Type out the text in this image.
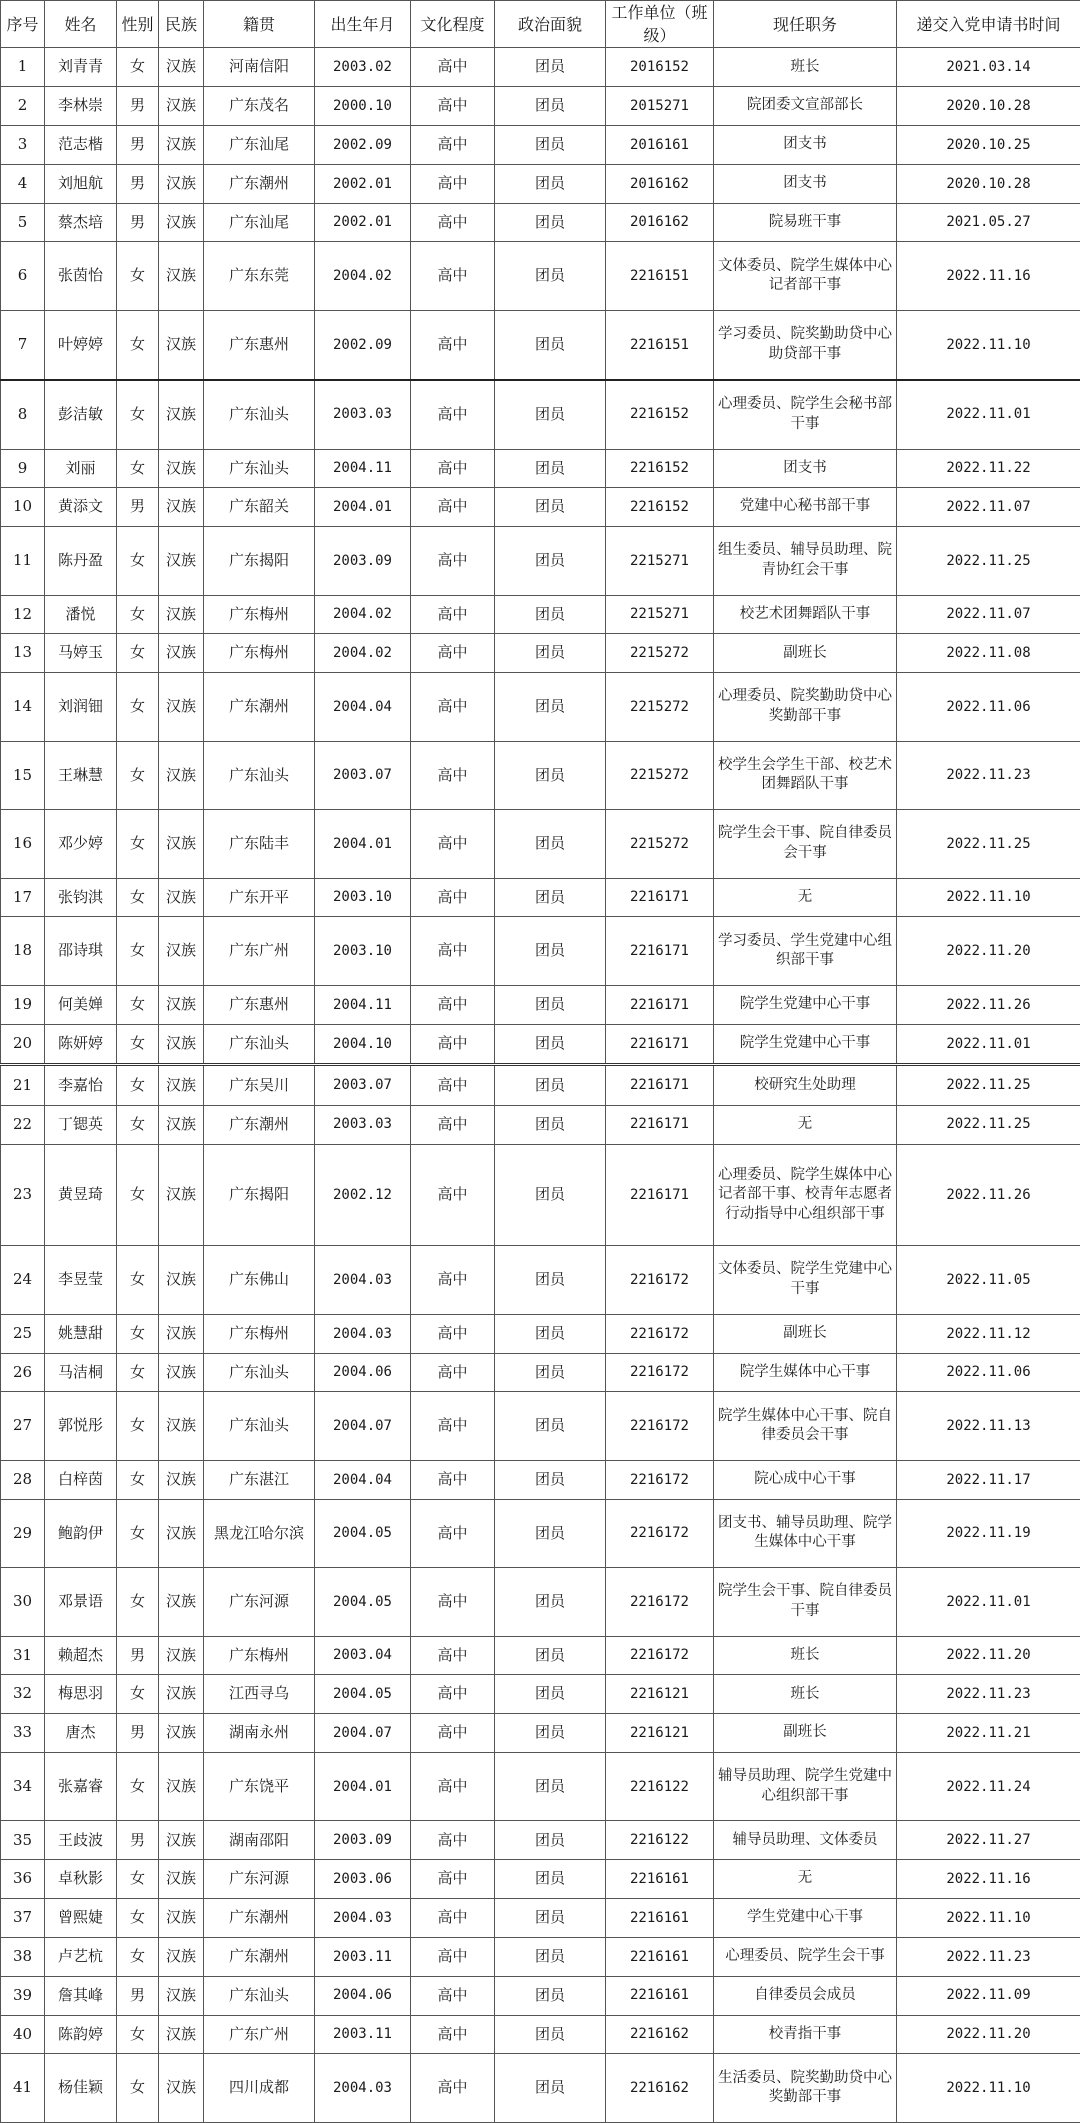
序号	姓名	性别	民族	籍贯	出生年月	文化程度	政治面貌	工作单位（班级）	现任职务	递交入党申请书时间
1	刘青青	女	汉族	河南信阳	2003.02	高中	团员	2016152	班长	2021.03.14
2	李林崇	男	汉族	广东茂名	2000.10	高中	团员	2015271	院团委文宣部部长	2020.10.28
3	范志楷	男	汉族	广东汕尾	2002.09	高中	团员	2016161	团支书	2020.10.25
4	刘旭航	男	汉族	广东潮州	2002.01	高中	团员	2016162	团支书	2020.10.28
5	蔡杰培	男	汉族	广东汕尾	2002.01	高中	团员	2016162	院易班干事	2021.05.27
6	张茵怡	女	汉族	广东东莞	2004.02	高中	团员	2216151	文体委员、院学生媒体中心记者部干事	2022.11.16
7	叶婷婷	女	汉族	广东惠州	2002.09	高中	团员	2216151	学习委员、院奖勤助贷中心助贷部干事	2022.11.10
8	彭洁敏	女	汉族	广东汕头	2003.03	高中	团员	2216152	心理委员、院学生会秘书部干事	2022.11.01
9	刘丽	女	汉族	广东汕头	2004.11	高中	团员	2216152	团支书	2022.11.22
10	黄添文	男	汉族	广东韶关	2004.01	高中	团员	2216152	党建中心秘书部干事	2022.11.07
11	陈丹盈	女	汉族	广东揭阳	2003.09	高中	团员	2215271	组生委员、辅导员助理、院青协红会干事	2022.11.25
12	潘悦	女	汉族	广东梅州	2004.02	高中	团员	2215271	校艺术团舞蹈队干事	2022.11.07
13	马婷玉	女	汉族	广东梅州	2004.02	高中	团员	2215272	副班长	2022.11.08
14	刘润钿	女	汉族	广东潮州	2004.04	高中	团员	2215272	心理委员、院奖勤助贷中心奖勤部干事	2022.11.06
15	王琳慧	女	汉族	广东汕头	2003.07	高中	团员	2215272	校学生会学生干部、校艺术团舞蹈队干事	2022.11.23
16	邓少婷	女	汉族	广东陆丰	2004.01	高中	团员	2215272	院学生会干事、院自律委员会干事	2022.11.25
17	张钧淇	女	汉族	广东开平	2003.10	高中	团员	2216171	无	2022.11.10
18	邵诗琪	女	汉族	广东广州	2003.10	高中	团员	2216171	学习委员、学生党建中心组织部干事	2022.11.20
19	何美婵	女	汉族	广东惠州	2004.11	高中	团员	2216171	院学生党建中心干事	2022.11.26
20	陈妍婷	女	汉族	广东汕头	2004.10	高中	团员	2216171	院学生党建中心干事	2022.11.01
21	李嘉怡	女	汉族	广东吴川	2003.07	高中	团员	2216171	校研究生处助理	2022.11.25
22	丁锶英	女	汉族	广东潮州	2003.03	高中	团员	2216171	无	2022.11.25
23	黄昱琦	女	汉族	广东揭阳	2002.12	高中	团员	2216171	心理委员、院学生媒体中心记者部干事、校青年志愿者行动指导中心组织部干事	2022.11.26
24	李昱莹	女	汉族	广东佛山	2004.03	高中	团员	2216172	文体委员、院学生党建中心干事	2022.11.05
25	姚慧甜	女	汉族	广东梅州	2004.03	高中	团员	2216172	副班长	2022.11.12
26	马洁桐	女	汉族	广东汕头	2004.06	高中	团员	2216172	院学生媒体中心干事	2022.11.06
27	郭悦彤	女	汉族	广东汕头	2004.07	高中	团员	2216172	院学生媒体中心干事、院自律委员会干事	2022.11.13
28	白梓茵	女	汉族	广东湛江	2004.04	高中	团员	2216172	院心成中心干事	2022.11.17
29	鲍韵伊	女	汉族	黑龙江哈尔滨	2004.05	高中	团员	2216172	团支书、辅导员助理、院学生媒体中心干事	2022.11.19
30	邓景语	女	汉族	广东河源	2004.05	高中	团员	2216172	院学生会干事、院自律委员干事	2022.11.01
31	赖超杰	男	汉族	广东梅州	2003.04	高中	团员	2216172	班长	2022.11.20
32	梅思羽	女	汉族	江西寻乌	2004.05	高中	团员	2216121	班长	2022.11.23
33	唐杰	男	汉族	湖南永州	2004.07	高中	团员	2216121	副班长	2022.11.21
34	张嘉睿	女	汉族	广东饶平	2004.01	高中	团员	2216122	辅导员助理、院学生党建中心组织部干事	2022.11.24
35	王歧波	男	汉族	湖南邵阳	2003.09	高中	团员	2216122	辅导员助理、文体委员	2022.11.27
36	卓秋影	女	汉族	广东河源	2003.06	高中	团员	2216161	无	2022.11.16
37	曾熙婕	女	汉族	广东潮州	2004.03	高中	团员	2216161	学生党建中心干事	2022.11.10
38	卢艺杭	女	汉族	广东潮州	2003.11	高中	团员	2216161	心理委员、院学生会干事	2022.11.23
39	詹其峰	男	汉族	广东汕头	2004.06	高中	团员	2216161	自律委员会成员	2022.11.09
40	陈韵婷	女	汉族	广东广州	2003.11	高中	团员	2216162	校青指干事	2022.11.20
41	杨佳颖	女	汉族	四川成都	2004.03	高中	团员	2216162	生活委员、院奖勤助贷中心奖勤部干事	2022.11.10
